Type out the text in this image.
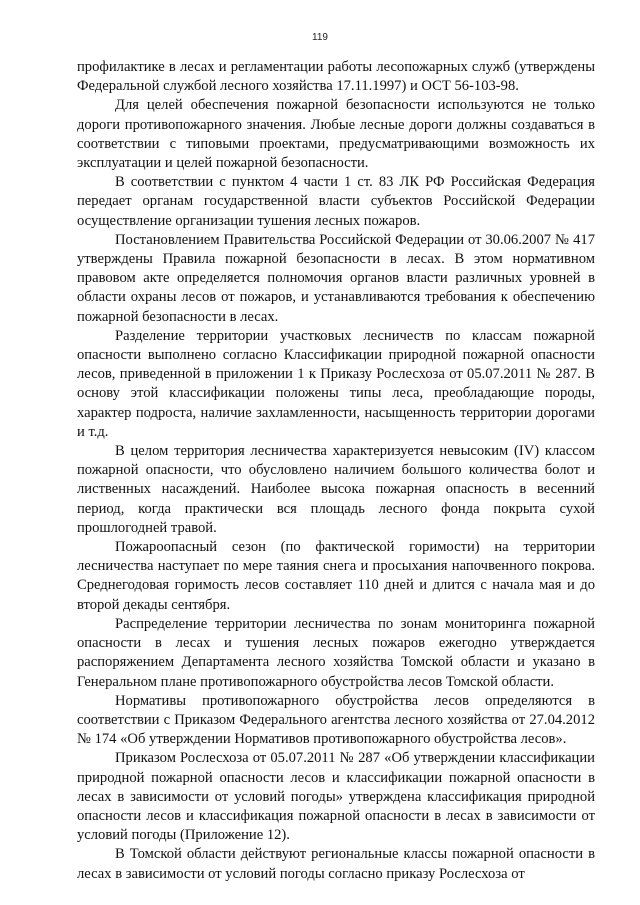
119

профилактике в лесах и регламентации работы лесопожарных служб (утверждены Федеральной службой лесного хозяйства 17.11.1997) и ОСТ 56-103-98.

Для целей обеспечения пожарной безопасности используются не только дороги противопожарного значения. Любые лесные дороги должны создаваться в соответствии с типовыми проектами, предусматривающими возможность их эксплуатации и целей пожарной безопасности.

В соответствии с пунктом 4 части 1 ст. 83 ЛК РФ Российская Федерация передает органам государственной власти субъектов Российской Федерации осуществление организации тушения лесных пожаров.

Постановлением Правительства Российской Федерации от 30.06.2007 № 417 утверждены Правила пожарной безопасности в лесах. В этом нормативном правовом акте определяется полномочия органов власти различных уровней в области охраны лесов от пожаров, и устанавливаются требования к обеспечению пожарной безопасности в лесах.

Разделение территории участковых лесничеств по классам пожарной опасности выполнено согласно Классификации природной пожарной опасности лесов, приведенной в приложении 1 к Приказу Рослесхоза от 05.07.2011 № 287. В основу этой классификации положены типы леса, преобладающие породы, характер подроста, наличие захламленности, насыщенность территории дорогами и т.д.

В целом территория лесничества характеризуется невысоким (IV) классом пожарной опасности, что обусловлено наличием большого количества болот и лиственных насаждений. Наиболее высока пожарная опасность в весенний период, когда практически вся площадь лесного фонда покрыта сухой прошлогодней травой.

Пожароопасный сезон (по фактической горимости) на территории лесничества наступает по мере таяния снега и просыхания напочвенного покрова. Среднегодовая горимость лесов составляет 110 дней и длится с начала мая и до второй декады сентября.

Распределение территории лесничества по зонам мониторинга пожарной опасности в лесах и тушения лесных пожаров ежегодно утверждается распоряжением Департамента лесного хозяйства Томской области и указано в Генеральном плане противопожарного обустройства лесов Томской области.

Нормативы противопожарного обустройства лесов определяются в соответствии с Приказом Федерального агентства лесного хозяйства от 27.04.2012 № 174 «Об утверждении Нормативов противопожарного обустройства лесов».

Приказом Рослесхоза от 05.07.2011 № 287 «Об утверждении классификации природной пожарной опасности лесов и классификации пожарной опасности в лесах в зависимости от условий погоды» утверждена классификация природной опасности лесов и классификация пожарной опасности в лесах в зависимости от условий погоды (Приложение 12).

В Томской области действуют региональные классы пожарной опасности в лесах в зависимости от условий погоды согласно приказу Рослесхоза от
